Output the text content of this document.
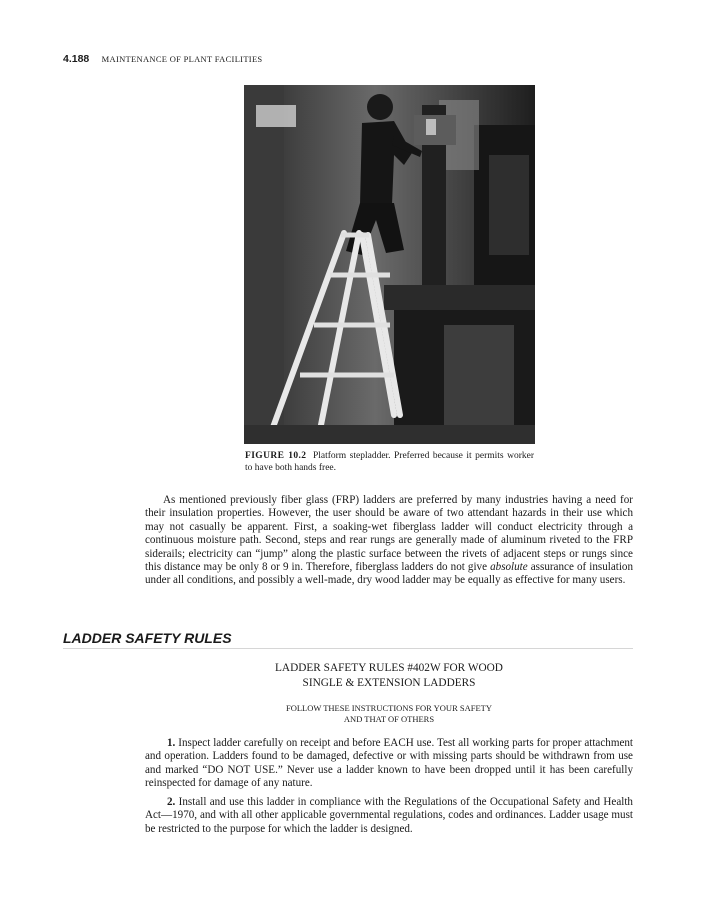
4.188 MAINTENANCE OF PLANT FACILITIES
FIGURE 10.2 Platform stepladder. Preferred because it permits worker to have both hands free.
As mentioned previously fiber glass (FRP) ladders are preferred by many industries having a need for their insulation properties. However, the user should be aware of two attendant hazards in their use which may not casually be apparent. First, a soaking-wet fiberglass ladder will conduct electricity through a continuous moisture path. Second, steps and rear rungs are generally made of aluminum riveted to the FRP siderails; electricity can “jump” along the plastic surface between the rivets of adjacent steps or rungs since this distance may be only 8 or 9 in. Therefore, fiberglass ladders do not give absolute assurance of insulation under all conditions, and possibly a well-made, dry wood ladder may be equally as effective for many users.
LADDER SAFETY RULES
LADDER SAFETY RULES #402W FOR WOOD
SINGLE & EXTENSION LADDERS
FOLLOW THESE INSTRUCTIONS FOR YOUR SAFETY
AND THAT OF OTHERS
1. Inspect ladder carefully on receipt and before EACH use. Test all working parts for proper attachment and operation. Ladders found to be damaged, defective or with missing parts should be withdrawn from use and marked “DO NOT USE.” Never use a ladder known to have been dropped until it has been carefully reinspected for damage of any nature.
2. Install and use this ladder in compliance with the Regulations of the Occupational Safety and Health Act—1970, and with all other applicable governmental regulations, codes and ordinances. Ladder usage must be restricted to the purpose for which the ladder is designed.
